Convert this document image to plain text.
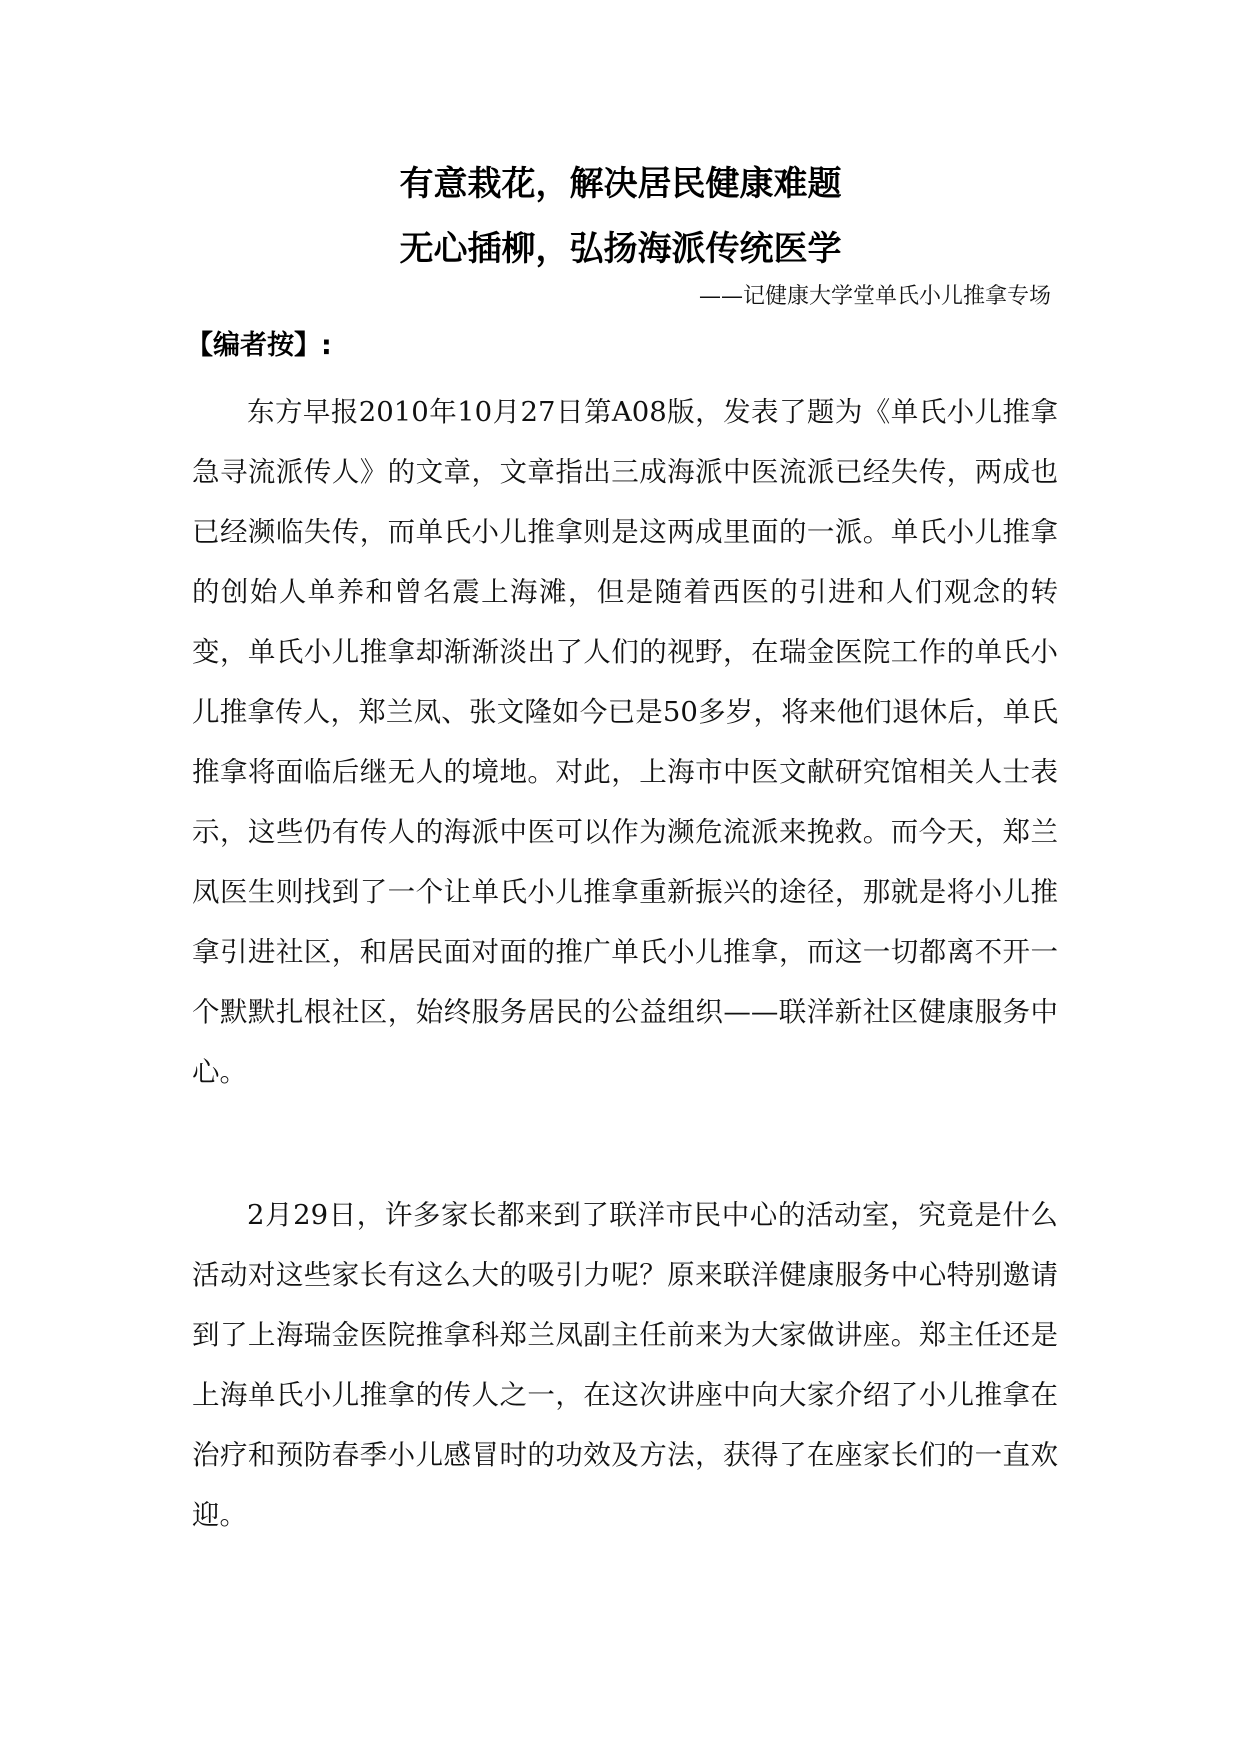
有意栽花，解决居民健康难题
无心插柳，弘扬海派传统医学
——记健康大学堂单氏小儿推拿专场
【编者按】:

东方早报2010年10月27日第A08版，发表了题为《单氏小儿推拿急寻流派传人》的文章，文章指出三成海派中医流派已经失传，两成也已经濒临失传，而单氏小儿推拿则是这两成里面的一派。单氏小儿推拿的创始人单养和曾名震上海滩，但是随着西医的引进和人们观念的转变，单氏小儿推拿却渐渐淡出了人们的视野，在瑞金医院工作的单氏小儿推拿传人，郑兰凤、张文隆如今已是50多岁，将来他们退休后，单氏推拿将面临后继无人的境地。对此，上海市中医文献研究馆相关人士表示，这些仍有传人的海派中医可以作为濒危流派来挽救。而今天，郑兰凤医生则找到了一个让单氏小儿推拿重新振兴的途径，那就是将小儿推拿引进社区，和居民面对面的推广单氏小儿推拿，而这一切都离不开一个默默扎根社区，始终服务居民的公益组织——联洋新社区健康服务中心。

2月29日，许多家长都来到了联洋市民中心的活动室，究竟是什么活动对这些家长有这么大的吸引力呢？原来联洋健康服务中心特别邀请到了上海瑞金医院推拿科郑兰凤副主任前来为大家做讲座。郑主任还是上海单氏小儿推拿的传人之一，在这次讲座中向大家介绍了小儿推拿在治疗和预防春季小儿感冒时的功效及方法，获得了在座家长们的一直欢迎。
